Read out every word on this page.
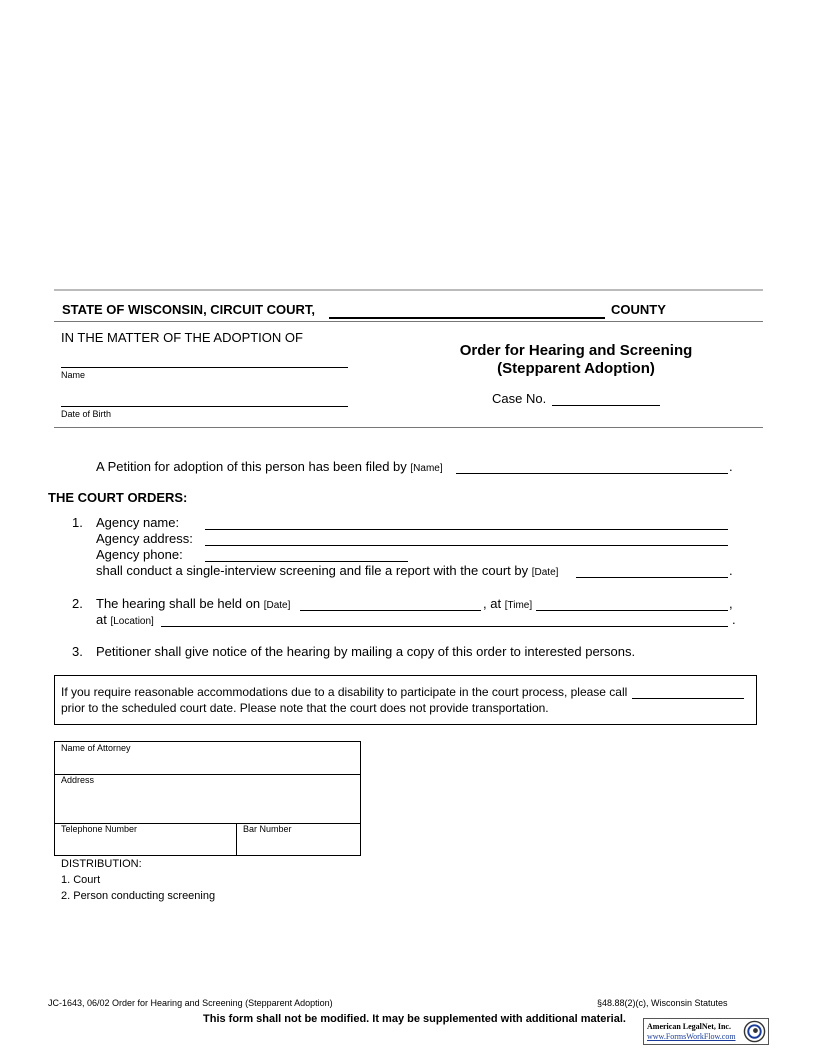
STATE OF WISCONSIN, CIRCUIT COURT,	COUNTY
IN THE MATTER OF THE ADOPTION OF
Name
Date of Birth
Order for Hearing and Screening
(Stepparent Adoption)
Case No.
A Petition for adoption of this person has been filed by [Name]	.
THE COURT ORDERS:
1. Agency name:
Agency address:
Agency phone:
shall conduct a single-interview screening and file a report with the court by [Date]	.
2. The hearing shall be held on [Date]	, at [Time]	,
at [Location]	.
3. Petitioner shall give notice of the hearing by mailing a copy of this order to interested persons.
If you require reasonable accommodations due to a disability to participate in the court process, please call
prior to the scheduled court date. Please note that the court does not provide transportation.
Name of Attorney
Address
Telephone Number	Bar Number
DISTRIBUTION:
1. Court
2. Person conducting screening
JC-1643, 06/02 Order for Hearing and Screening (Stepparent Adoption)	§48.88(2)(c), Wisconsin Statutes
This form shall not be modified. It may be supplemented with additional material.
American LegalNet, Inc.
www.FormsWorkFlow.com
